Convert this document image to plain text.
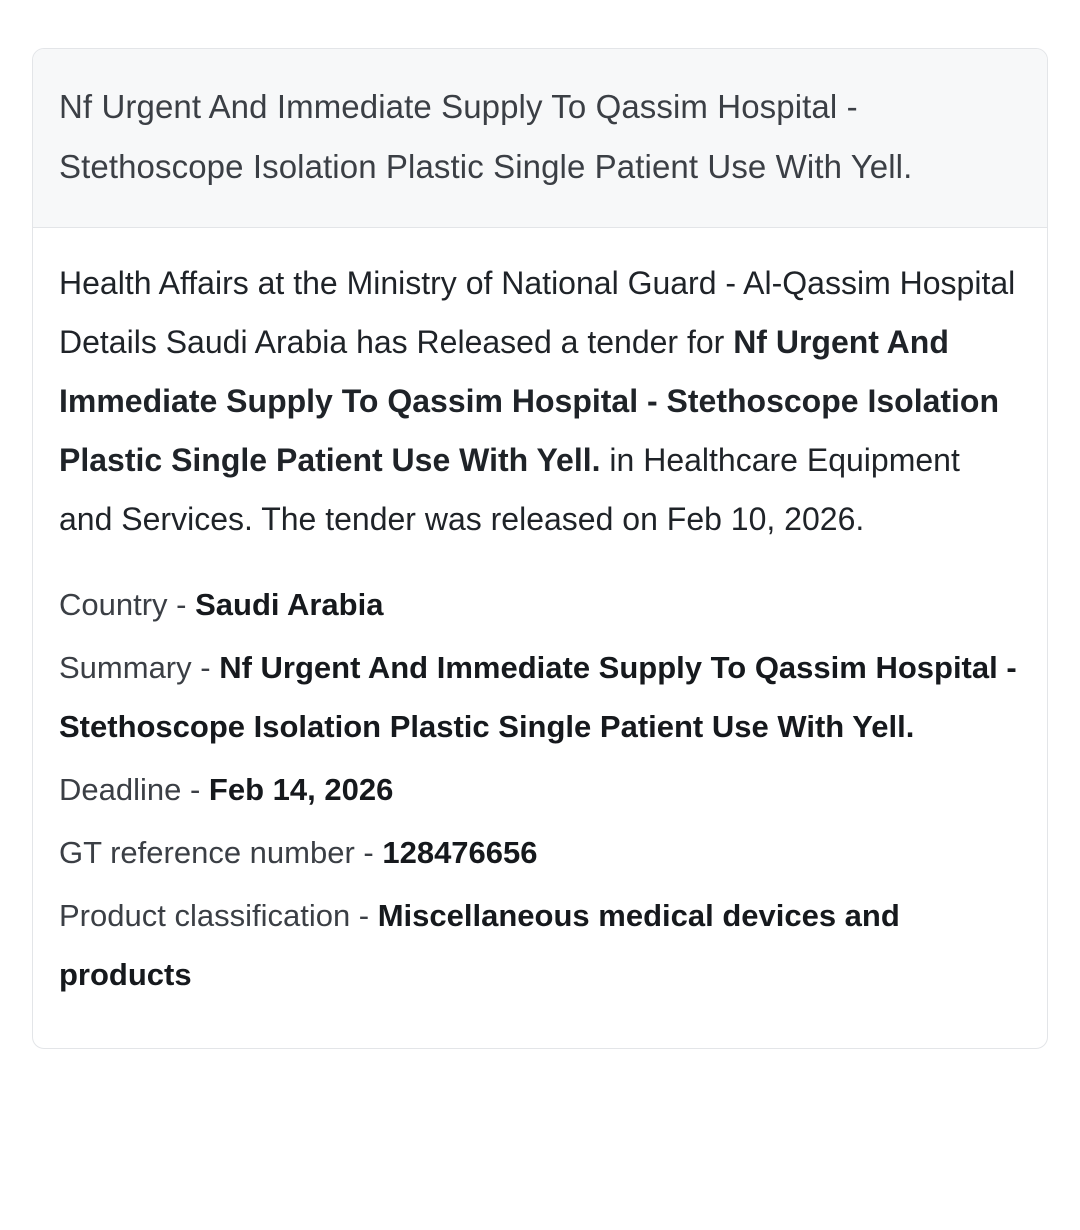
Nf Urgent And Immediate Supply To Qassim Hospital - Stethoscope Isolation Plastic Single Patient Use With Yell.

Health Affairs at the Ministry of National Guard - Al-Qassim Hospital Details Saudi Arabia has Released a tender for Nf Urgent And Immediate Supply To Qassim Hospital - Stethoscope Isolation Plastic Single Patient Use With Yell. in Healthcare Equipment and Services. The tender was released on Feb 10, 2026.

Country - Saudi Arabia
Summary - Nf Urgent And Immediate Supply To Qassim Hospital - Stethoscope Isolation Plastic Single Patient Use With Yell.
Deadline - Feb 14, 2026
GT reference number - 128476656
Product classification - Miscellaneous medical devices and products
